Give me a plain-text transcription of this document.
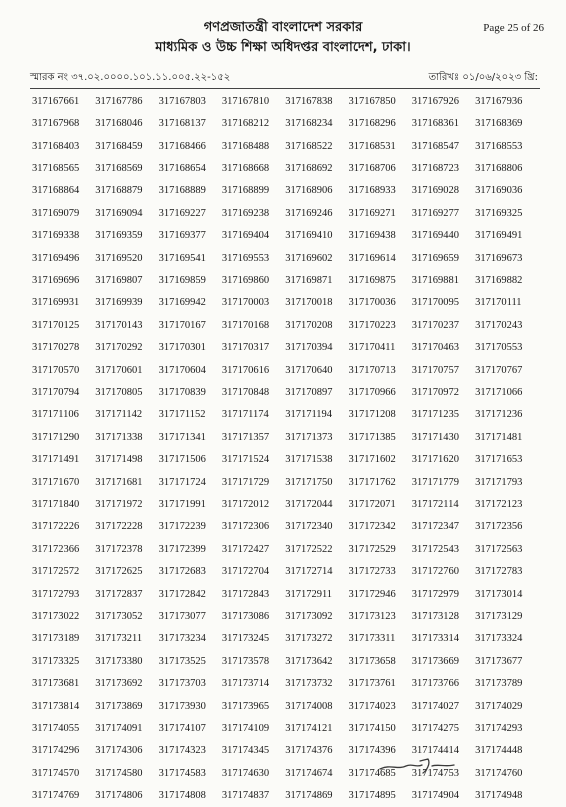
গণপ্রজাতন্ত্রী বাংলাদেশ সরকার
মাধ্যমিক ও উচ্চ শিক্ষা অধিদপ্তর বাংলাদেশ, ঢাকা।
Page 25 of 26
স্মারক নং ৩৭.০২.০০০০.১০১.১১.০০৫.২২-১৫২	তারিখঃ ০১/০৬/২০২৩ খ্রি:
317167661	317167786	317167803	317167810	317167838	317167850	317167926	317167936
317167968	317168046	317168137	317168212	317168234	317168296	317168361	317168369
317168403	317168459	317168466	317168488	317168522	317168531	317168547	317168553
317168565	317168569	317168654	317168668	317168692	317168706	317168723	317168806
317168864	317168879	317168889	317168899	317168906	317168933	317169028	317169036
317169079	317169094	317169227	317169238	317169246	317169271	317169277	317169325
317169338	317169359	317169377	317169404	317169410	317169438	317169440	317169491
317169496	317169520	317169541	317169553	317169602	317169614	317169659	317169673
317169696	317169807	317169859	317169860	317169871	317169875	317169881	317169882
317169931	317169939	317169942	317170003	317170018	317170036	317170095	317170111
317170125	317170143	317170167	317170168	317170208	317170223	317170237	317170243
317170278	317170292	317170301	317170317	317170394	317170411	317170463	317170553
317170570	317170601	317170604	317170616	317170640	317170713	317170757	317170767
317170794	317170805	317170839	317170848	317170897	317170966	317170972	317171066
317171106	317171142	317171152	317171174	317171194	317171208	317171235	317171236
317171290	317171338	317171341	317171357	317171373	317171385	317171430	317171481
317171491	317171498	317171506	317171524	317171538	317171602	317171620	317171653
317171670	317171681	317171724	317171729	317171750	317171762	317171779	317171793
317171840	317171972	317171991	317172012	317172044	317172071	317172114	317172123
317172226	317172228	317172239	317172306	317172340	317172342	317172347	317172356
317172366	317172378	317172399	317172427	317172522	317172529	317172543	317172563
317172572	317172625	317172683	317172704	317172714	317172733	317172760	317172783
317172793	317172837	317172842	317172843	317172911	317172946	317172979	317173014
317173022	317173052	317173077	317173086	317173092	317173123	317173128	317173129
317173189	317173211	317173234	317173245	317173272	317173311	317173314	317173324
317173325	317173380	317173525	317173578	317173642	317173658	317173669	317173677
317173681	317173692	317173703	317173714	317173732	317173761	317173766	317173789
317173814	317173869	317173930	317173965	317174008	317174023	317174027	317174029
317174055	317174091	317174107	317174109	317174121	317174150	317174275	317174293
317174296	317174306	317174323	317174345	317174376	317174396	317174414	317174448
317174570	317174580	317174583	317174630	317174674	317174685	317174753	317174760
317174769	317174806	317174808	317174837	317174869	317174895	317174904	317174948
